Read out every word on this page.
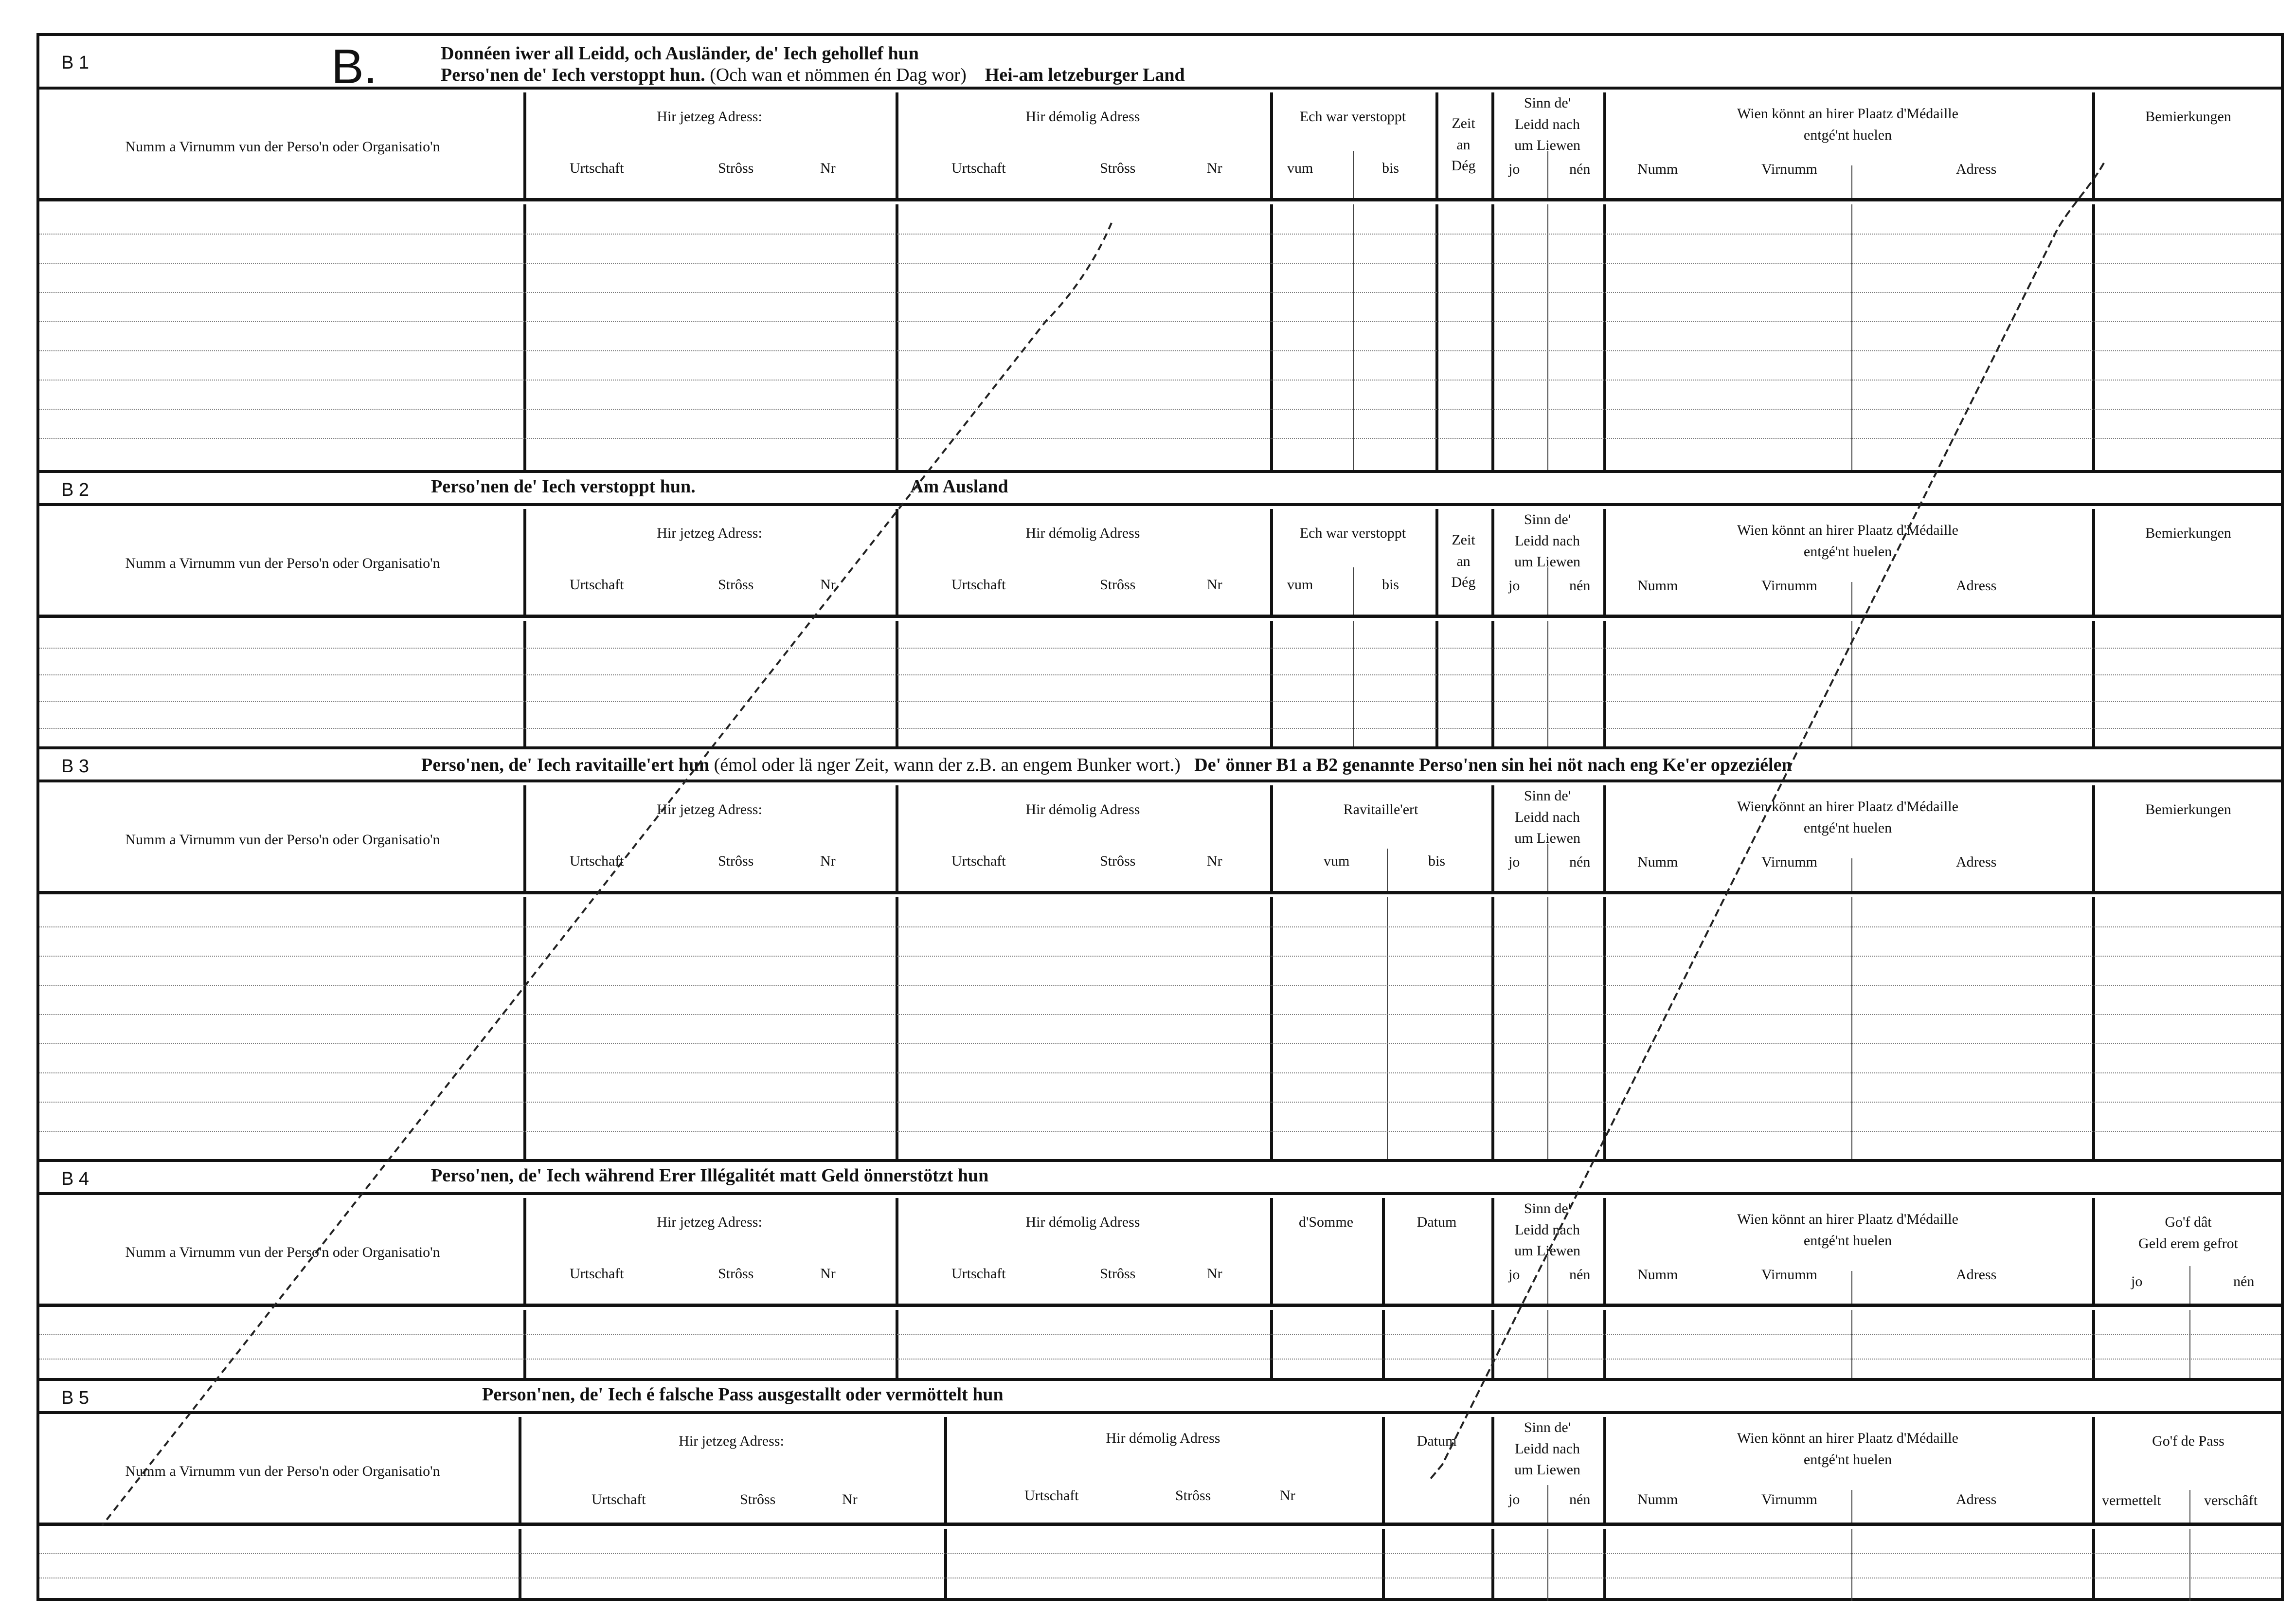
B 1	B.	Donnéen iwer all Leidd, och Ausländer, de' Iech gehollef hun
Perso'nen de' Iech verstoppt hun. (Och wan et nömmen én Dag wor) Hei-am letzeburger Land
Numm a Virnumm vun der Perso'n oder Organisatio'n
Hir jetzeg Adress:
Urtschaft	Strôss	Nr
Hir démolig Adress
Urtschaft	Strôss	Nr
Ech war verstoppt
vum	bis
Zeit
an
Dég
Sinn de'
Leidd nach
um Liewen
jo	nén
Wien könnt an hirer Plaatz d'Médaille
entgé'nt huelen
Numm	Virnumm	Adress
Bemierkungen
B 2	Perso'nen de' Iech verstoppt hun.	Am Ausland
Numm a Virnumm vun der Perso'n oder Organisatio'n
Hir jetzeg Adress:
Urtschaft	Strôss	Nr
Hir démolig Adress
Urtschaft	Strôss	Nr
Ech war verstoppt
vum	bis
Zeit
an
Dég
Sinn de'
Leidd nach
um Liewen
jo	nén
Wien könnt an hirer Plaatz d'Médaille
entgé'nt huelen
Numm	Virnumm	Adress
Bemierkungen
B 3	Perso'nen, de' Iech ravitaille'ert hun (émol oder lä nger Zeit, wann der z.B. an engem Bunker wort.) De' önner B1 a B2 genannte Perso'nen sin hei nöt nach eng Ke'er opzeziélen
Numm a Virnumm vun der Perso'n oder Organisatio'n
Hir jetzeg Adress:
Urtschaft	Strôss	Nr
Hir démolig Adress
Urtschaft	Strôss	Nr
Ravitaille'ert
vum	bis
Sinn de'
Leidd nach
um Liewen
jo	nén
Wien könnt an hirer Plaatz d'Médaille
entgé'nt huelen
Numm	Virnumm	Adress
Bemierkungen
B 4	Perso'nen, de' Iech während Erer Illégalitét matt Geld önnerstötzt hun
Numm a Virnumm vun der Perso'n oder Organisatio'n
Hir jetzeg Adress:
Urtschaft	Strôss	Nr
Hir démolig Adress
Urtschaft	Strôss	Nr
d'Somme	Datum
Sinn de'
Leidd nach
um Liewen
jo	nén
Wien könnt an hirer Plaatz d'Médaille
entgé'nt huelen
Numm	Virnumm	Adress
Go'f dât
Geld erem gefrot
jo	nén
B 5	Person'nen, de' Iech é falsche Pass ausgestallt oder vermöttelt hun
Numm a Virnumm vun der Perso'n oder Organisatio'n
Hir jetzeg Adress:
Urtschaft	Strôss	Nr
Hir démolig Adress
Urtschaft	Strôss	Nr
Datum
Sinn de'
Leidd nach
um Liewen
jo	nén
Wien könnt an hirer Plaatz d'Médaille
entgé'nt huelen
Numm	Virnumm	Adress
Go'f de Pass
vermettelt	verschâft
